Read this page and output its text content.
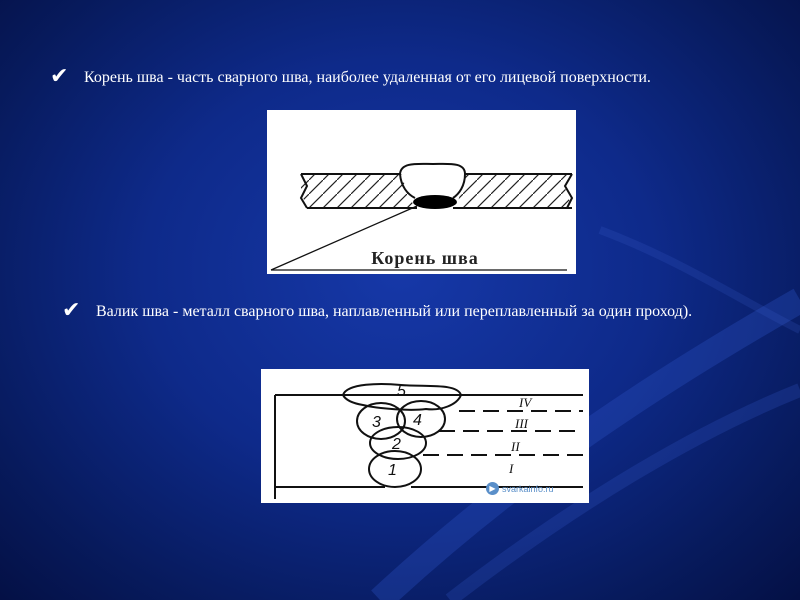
✔ Корень шва - часть сварного шва, наиболее удаленная от его лицевой поверхности.
Корень шва
✔ Валик шва - металл сварного шва, наплавленный или переплавленный за один проход).
5
3 4
2
1
IV
III
II
I
▶ svarkainfo.ru
